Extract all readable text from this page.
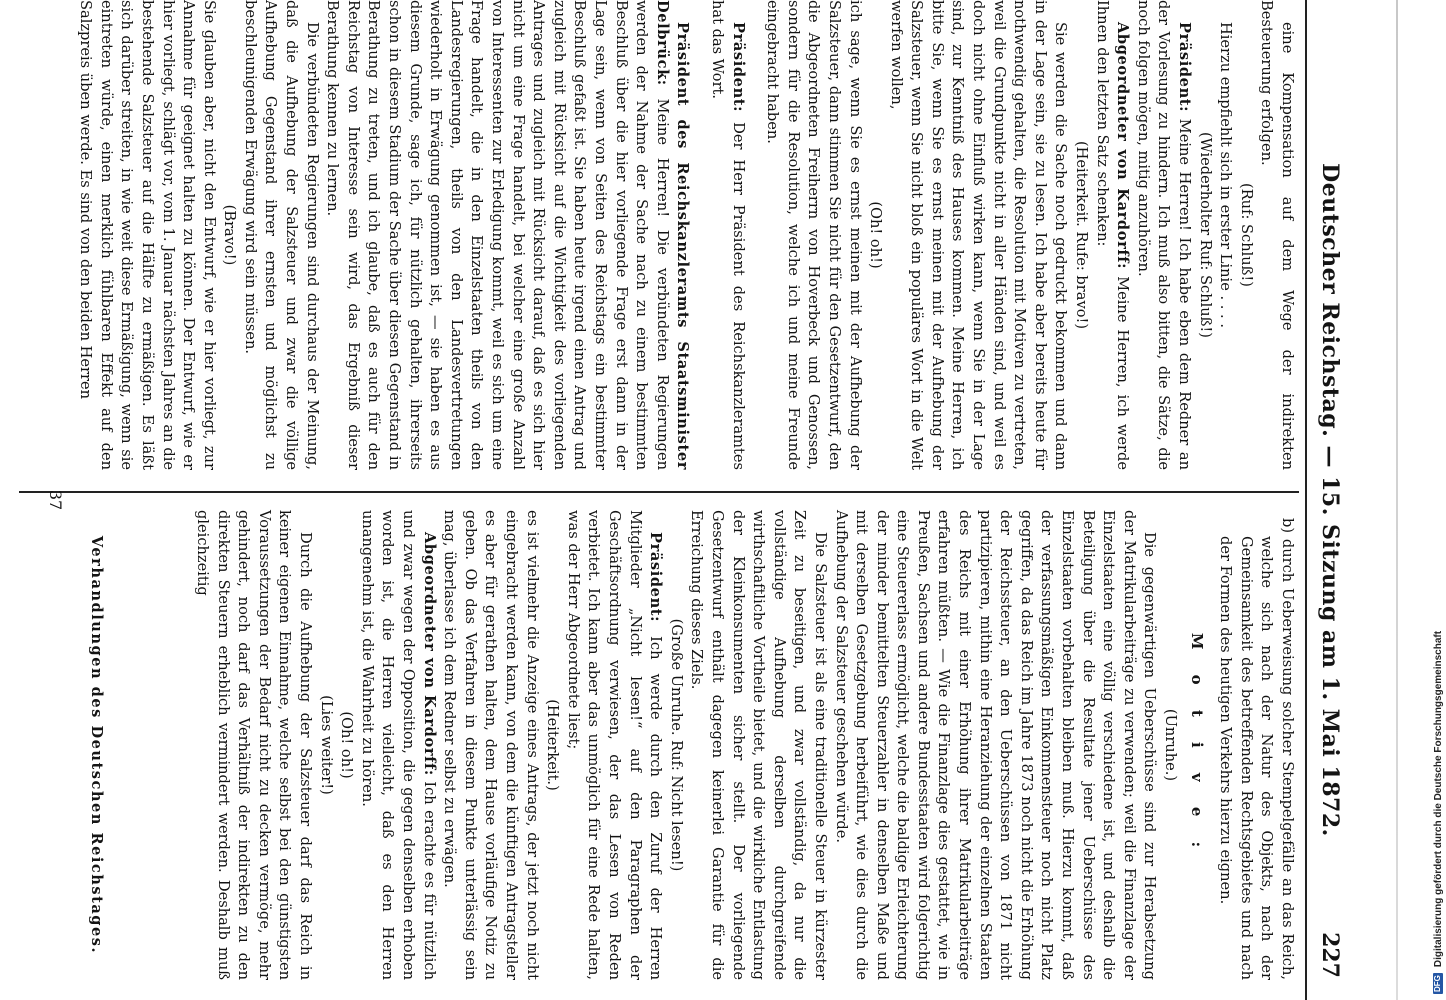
Deutscher Reichstag. — 15. Sitzung am 1. Mai 1872.
227

eine Kompensation auf dem Wege der indirekten Besteuerung erfolgen.

(Ruf: Schluß!)

Hierzu empfiehlt sich in erster Linie . . . .

(Wiederholter Ruf: Schluß!)

Präsident: Meine Herren! Ich habe eben dem Redner an der Vorlesung zu hindern. Ich muß also bitten, die Sätze, die noch folgen mögen, mitig anzuhören.

Abgeordneter von Kardorff: Meine Herren, ich werde Ihnen den letzten Satz schenken:

(Heiterkeit. Rufe: bravo!)

Sie werden die Sache noch gedruckt bekommen und dann in der Lage sein, sie zu lesen. Ich habe aber bereits heute für nothwendig gehalten, die Resolution mit Motiven zu vertreten, weil die Grundpunkte nicht in aller Händen sind, und weil es doch nicht ohne Einfluß wirken kann, wenn Sie in der Lage sind, zur Kenntniß des Hauses kommen. Meine Herren, ich bitte Sie, wenn Sie es ernst meinen mit der Aufhebung der Salzsteuer, wenn Sie nicht bloß ein populäres Wort in die Welt werfen wollen,

(Oh! oh!)

ich sage, wenn Sie es ernst meinen mit der Aufhebung der Salzsteuer, dann stimmen Sie nicht für den Gesetzentwurf, den die Abgeordneten Freiherrn von Hoverbeck und Genossen, sondern für die Resolution, welche ich und meine Freunde eingebracht haben.

Präsident: Der Herr Präsident des Reichskanzleramtes hat das Wort.

Präsident des Reichskanzleramts Staatsminister Delbrück: Meine Herren! Die verbündeten Regierungen werden der Nahme der Sache nach zu einem bestimmten Beschluß über die hier vorliegende Frage erst dann in der Lage sein, wenn von Seiten des Reichstags ein bestimmter Beschluß gefaßt ist. Sie haben heute irgend einen Antrag und zugleich mit Rücksicht auf die Wichtigkeit des vorliegenden Antrages und zugleich mit Rücksicht darauf, daß es sich hier nicht um eine Frage handelt, bei welcher eine große Anzahl von Interessenten zur Erledigung kommt, weil es sich um eine Frage handelt, die in den Einzelstaaten theils von den Landesregierungen, theils von den Landesvertretungen wiederholt in Erwägung genommen ist, — sie haben es aus diesem Grunde, sage ich, für nützlich gehalten, ihrerseits schon in diesem Stadium der Sache über diesen Gegenstand in Berathung zu treten, und ich glaube, daß es auch für den Reichstag von Interesse sein wird, das Ergebniß dieser Berathung kennen zu lernen.

Die verbündeten Regierungen sind durchaus der Meinung, daß die Aufhebung der Salzsteuer und zwar die völlige Aufhebung Gegenstand ihrer ernsten und möglichst zu beschleunigenden Erwägung wird sein müssen.

(Bravo!)

Sie glauben aber, nicht den Entwurf, wie er hier vorliegt, zur Annahme für geeignet halten zu können. Der Entwurf, wie er hier vorliegt, schlägt vor, vom 1. Januar nächsten Jahres an die bestehende Salzsteuer auf die Hälfte zu ermäßigen. Es läßt sich darüber streiten, in wie weit diese Ermäßigung, wenn sie eintreten würde, einen merklich fühlbaren Effekt auf den Salzpreis üben werde. Es sind von den beiden Herren

b) durch Ueberweisung solcher Stempelgefälle an das Reich, welche sich nach der Natur des Objekts, nach der Gemeinsamkeit des betreffenden Rechtsgebietes und nach der Formen des heutigen Verkehrs hierzu eignen.

M o t i v e :

(Unruhe.)

Die gegenwärtigen Ueberschüsse sind zur Herabsetzung der Matrikularbeiträge zu verwenden; weil die Finanzlage der Einzelstaaten eine völlig verschiedene ist, und deshalb die Beteiligung über die Resultate jener Ueberschüsse des Einzelstaaten vorbehalten bleiben muß. Hierzu kommt, daß der verfassungsmäßigen Einkommensteuer noch nicht Platz gegriffen, da das Reich im Jahre 1873 noch nicht die Erhöhung der Reichssteuer, an den Ueberschüssen von 1871 nicht partizipieren, mithin eine Heranziehung der einzelnen Staaten des Reichs mit einer Erhöhung ihrer Matrikularbeiträge erfahren müßten. — Wie die Finanzlage dies gestattet, wie in Preußen, Sachsen und andere Bundesstaaten wird folgerichtig eine Steuererlass ermöglicht, welche die baldige Erleichterung der minder bemittelten Steuerzahler in denselben Maße und mit derselben Gesetzgebung herbeiführt, wie dies durch die Aufhebung der Salzsteuer geschehen würde.

Die Salzsteuer ist als eine traditionelle Steuer in kürzester Zeit zu beseitigen, und zwar vollständig, da nur die vollständige Aufhebung derselben durchgreifende wirthschaftliche Vortheile bietet, und die wirkliche Entlastung der Kleinkonsumenten sicher stellt. Der vorliegende Gesetzentwurf enthält dagegen keinerlei Garantie für die Erreichung dieses Ziels.

(Große Unruhe. Ruf: Nicht lesen!)

Präsident: Ich werde durch den Zuruf der Herren Mitglieder „Nicht lesen!“ auf den Paragraphen der Geschäftsordnung verwiesen, der das Lesen von Reden verbietet. Ich kann aber das unmöglich für eine Rede halten, was der Herr Abgeordnete liest;

(Heiterkeit.)

es ist vielmehr die Anzeige eines Antrags, der jetzt noch nicht eingebracht werden kann, von dem die künftigen Antragsteller es aber für gerathen halten, dem Hause vorläufige Notiz zu geben. Ob das Verfahren in diesem Punkte unterlässig sein mag, überlasse ich dem Redner selbst zu erwägen.

Abgeordneter von Kardorff: Ich erachte es für nützlich und zwar wegen der Opposition, die gegen denselben erhoben worden ist, die Herren vielleicht, daß es den Herren unangenehm ist, die Wahrheit zu hören.

(Oh! oh!)

(Lies weiter!)

Durch die Aufhebung der Salzsteuer darf das Reich in keiner eigenen Einnahme, welche selbst bei den günstigsten Voraussetzungen der Bedarf nicht zu decken vermöge, mehr gehindert, noch darf das Verhältniß der indirekten zu den direkten Steuern erheblich vermindert werden. Deshalb muß gleichzeitig

Verhandlungen des Deutschen Reichstages.
37
DFGDigitalisierung gefördert durch die Deutsche Forschungsgemeinschaft
